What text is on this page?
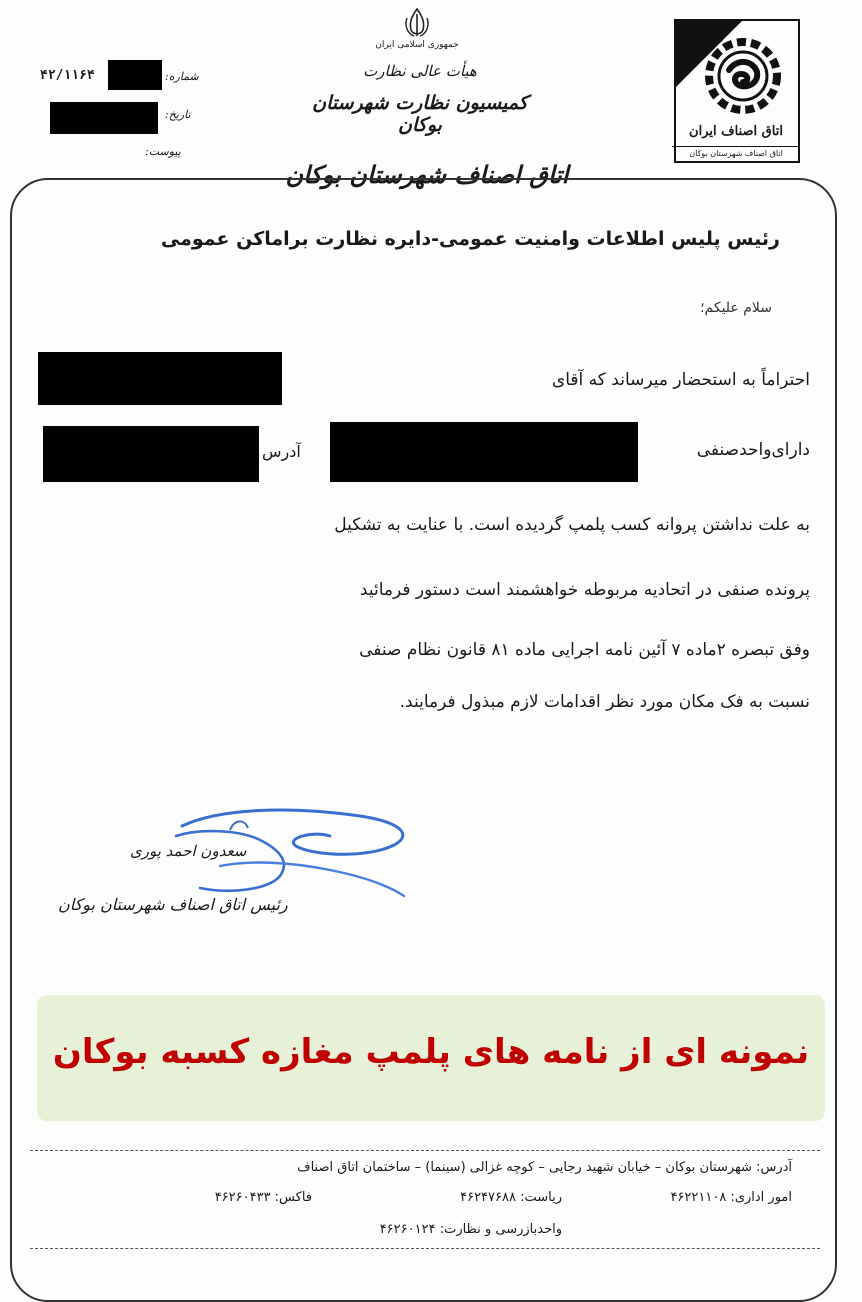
جمهوری اسلامی ایران
هیأت عالی نظارت
کمیسیون نظارت شهرستان بوکان
اتاق اصناف شهرستان بوکان
اتاق اصناف ایران
اتاق اصناف شهرستان بوکان
۴۲/۱۱۶۴	شماره:
تاریخ:
پیوست:
رئیس پلیس اطلاعات وامنیت عمومی-دایره نظارت براماکن عمومی
سلام علیکم؛
احتراماً به استحضار میرساند که آقای
دارای‌واحدصنفی
آدرس
به علت نداشتن پروانه کسب پلمپ گردیده است. با عنایت به تشکیل
پرونده صنفی در اتحادیه مربوطه خواهشمند است دستور فرمائید
وفق تبصره ۲ماده ۷ آئین نامه اجرایی ماده ۸۱ قانون نظام صنفی
نسبت به فک مکان مورد نظر اقدامات لازم مبذول فرمایند.
سعدون احمد پوری
رئیس اتاق اصناف شهرستان بوکان
نمونه ای از نامه های پلمپ مغازه کسبه بوکان
آدرس: شهرستان بوکان – خیابان شهید رجایی – کوچه غزالی (سینما) – ساختمان اتاق اصناف
امور اداری: ۴۶۲۲۱۱۰۸
ریاست: ۴۶۲۴۷۶۸۸
فاکس: ۴۶۲۶۰۴۳۳
واحدبازرسی و نظارت: ۴۶۲۶۰۱۲۴
